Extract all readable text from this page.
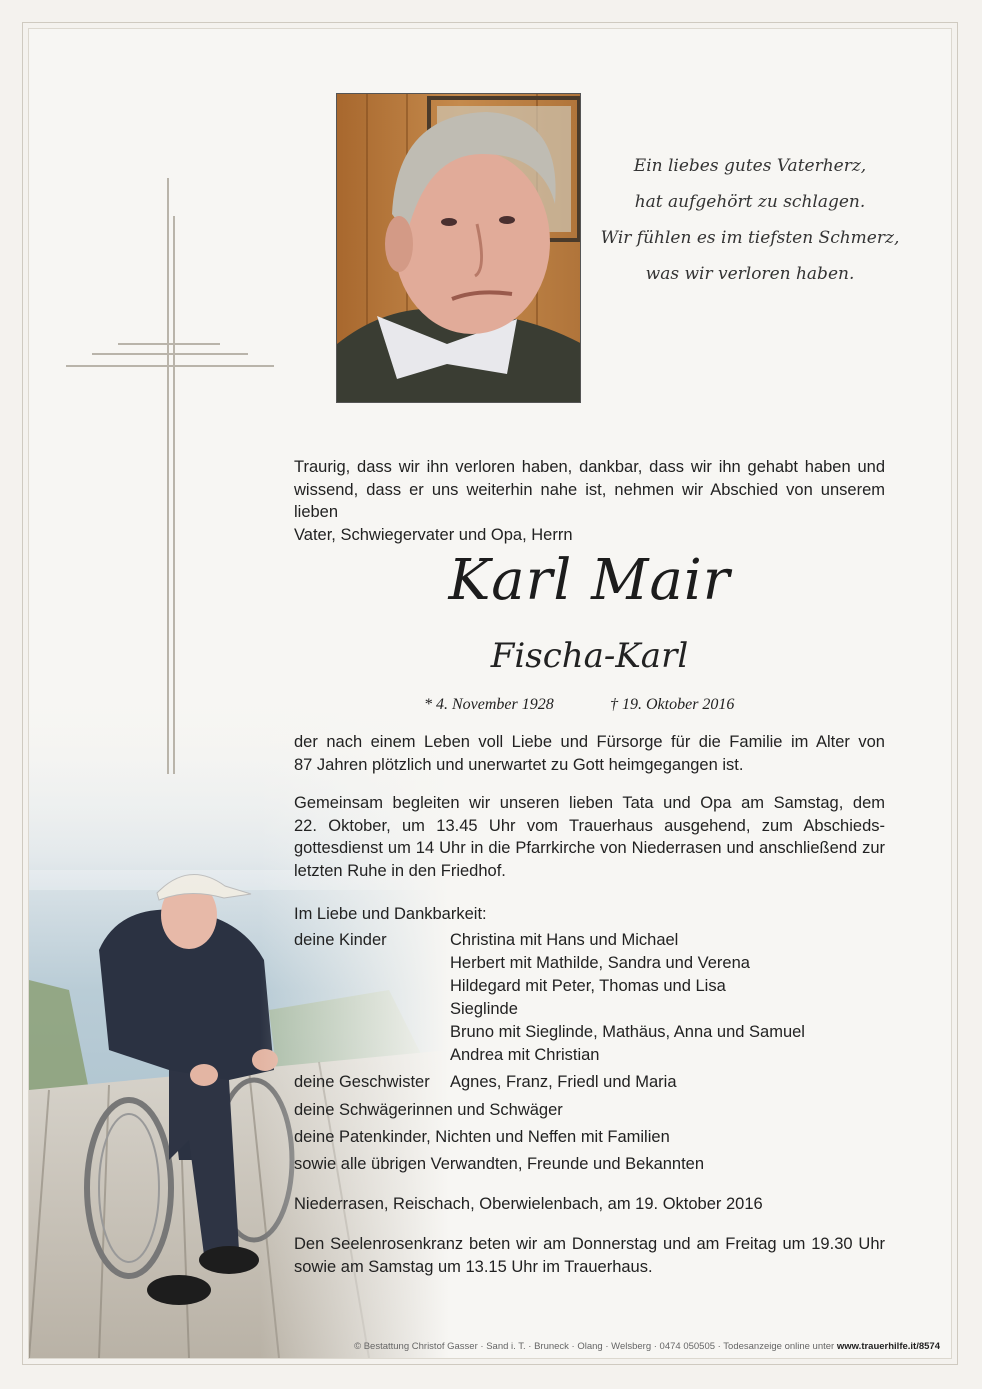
Ein liebes gutes Vaterherz,
hat aufgehört zu schlagen.
Wir fühlen es im tiefsten Schmerz,
was wir verloren haben.
Traurig, dass wir ihn verloren haben, dankbar, dass wir ihn gehabt haben und
wissend, dass er uns weiterhin nahe ist, nehmen wir Abschied von unserem lieben
Vater, Schwiegervater und Opa, Herrn
Karl Mair
Fischa-Karl
* 4. November 1928	† 19. Oktober 2016
der nach einem Leben voll Liebe und Fürsorge für die Familie im Alter von
87 Jahren plötzlich und unerwartet zu Gott heimgegangen ist.
Gemeinsam begleiten wir unseren lieben Tata und Opa am Samstag, dem
22. Oktober, um 13.45 Uhr vom Trauerhaus ausgehend, zum Abschieds-
gottesdienst um 14 Uhr in die Pfarrkirche von Niederrasen und anschließend zur
letzten Ruhe in den Friedhof.
Im Liebe und Dankbarkeit:
deine Kinder	Christina mit Hans und Michael
Herbert mit Mathilde, Sandra und Verena
Hildegard mit Peter, Thomas und Lisa
Sieglinde
Bruno mit Sieglinde, Mathäus, Anna und Samuel
Andrea mit Christian
deine Geschwister Agnes, Franz, Friedl und Maria
deine Schwägerinnen und Schwäger
deine Patenkinder, Nichten und Neffen mit Familien
sowie alle übrigen Verwandten, Freunde und Bekannten
Niederrasen, Reischach, Oberwielenbach, am 19. Oktober 2016
Den Seelenrosenkranz beten wir am Donnerstag und am Freitag um 19.30 Uhr
sowie am Samstag um 13.15 Uhr im Trauerhaus.
© Bestattung Christof Gasser · Sand i. T. · Bruneck · Olang · Welsberg · 0474 050505 · Todesanzeige online unter www.trauerhilfe.it/8574
